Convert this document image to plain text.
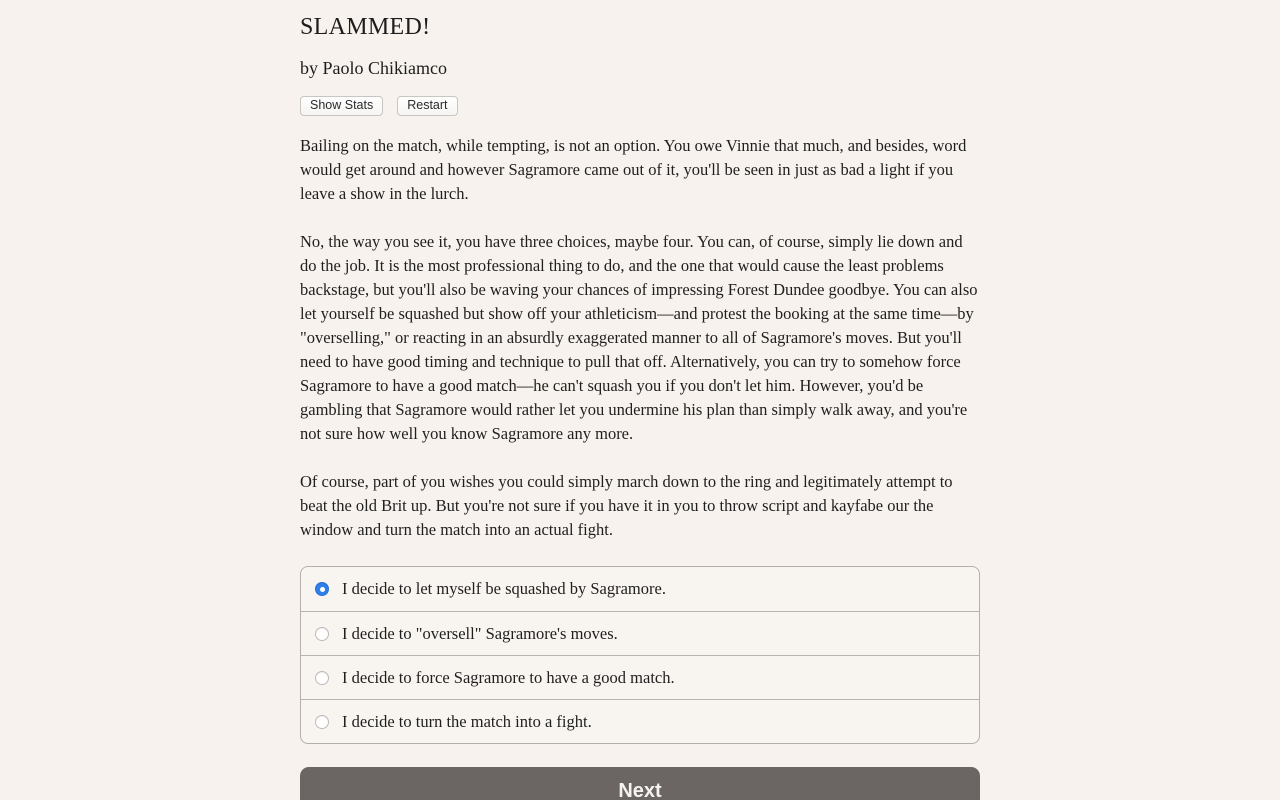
SLAMMED!
by Paolo Chikiamco
Show Stats	Restart

Bailing on the match, while tempting, is not an option. You owe Vinnie that much, and besides, word would get around and however Sagramore came out of it, you'll be seen in just as bad a light if you leave a show in the lurch.

No, the way you see it, you have three choices, maybe four. You can, of course, simply lie down and do the job. It is the most professional thing to do, and the one that would cause the least problems backstage, but you'll also be waving your chances of impressing Forest Dundee goodbye. You can also let yourself be squashed but show off your athleticism—and protest the booking at the same time—by "overselling," or reacting in an absurdly exaggerated manner to all of Sagramore's moves. But you'll need to have good timing and technique to pull that off. Alternatively, you can try to somehow force Sagramore to have a good match—he can't squash you if you don't let him. However, you'd be gambling that Sagramore would rather let you undermine his plan than simply walk away, and you're not sure how well you know Sagramore any more.

Of course, part of you wishes you could simply march down to the ring and legitimately attempt to beat the old Brit up. But you're not sure if you have it in you to throw script and kayfabe our the window and turn the match into an actual fight.

I decide to let myself be squashed by Sagramore.
I decide to "oversell" Sagramore's moves.
I decide to force Sagramore to have a good match.
I decide to turn the match into a fight.
Next
